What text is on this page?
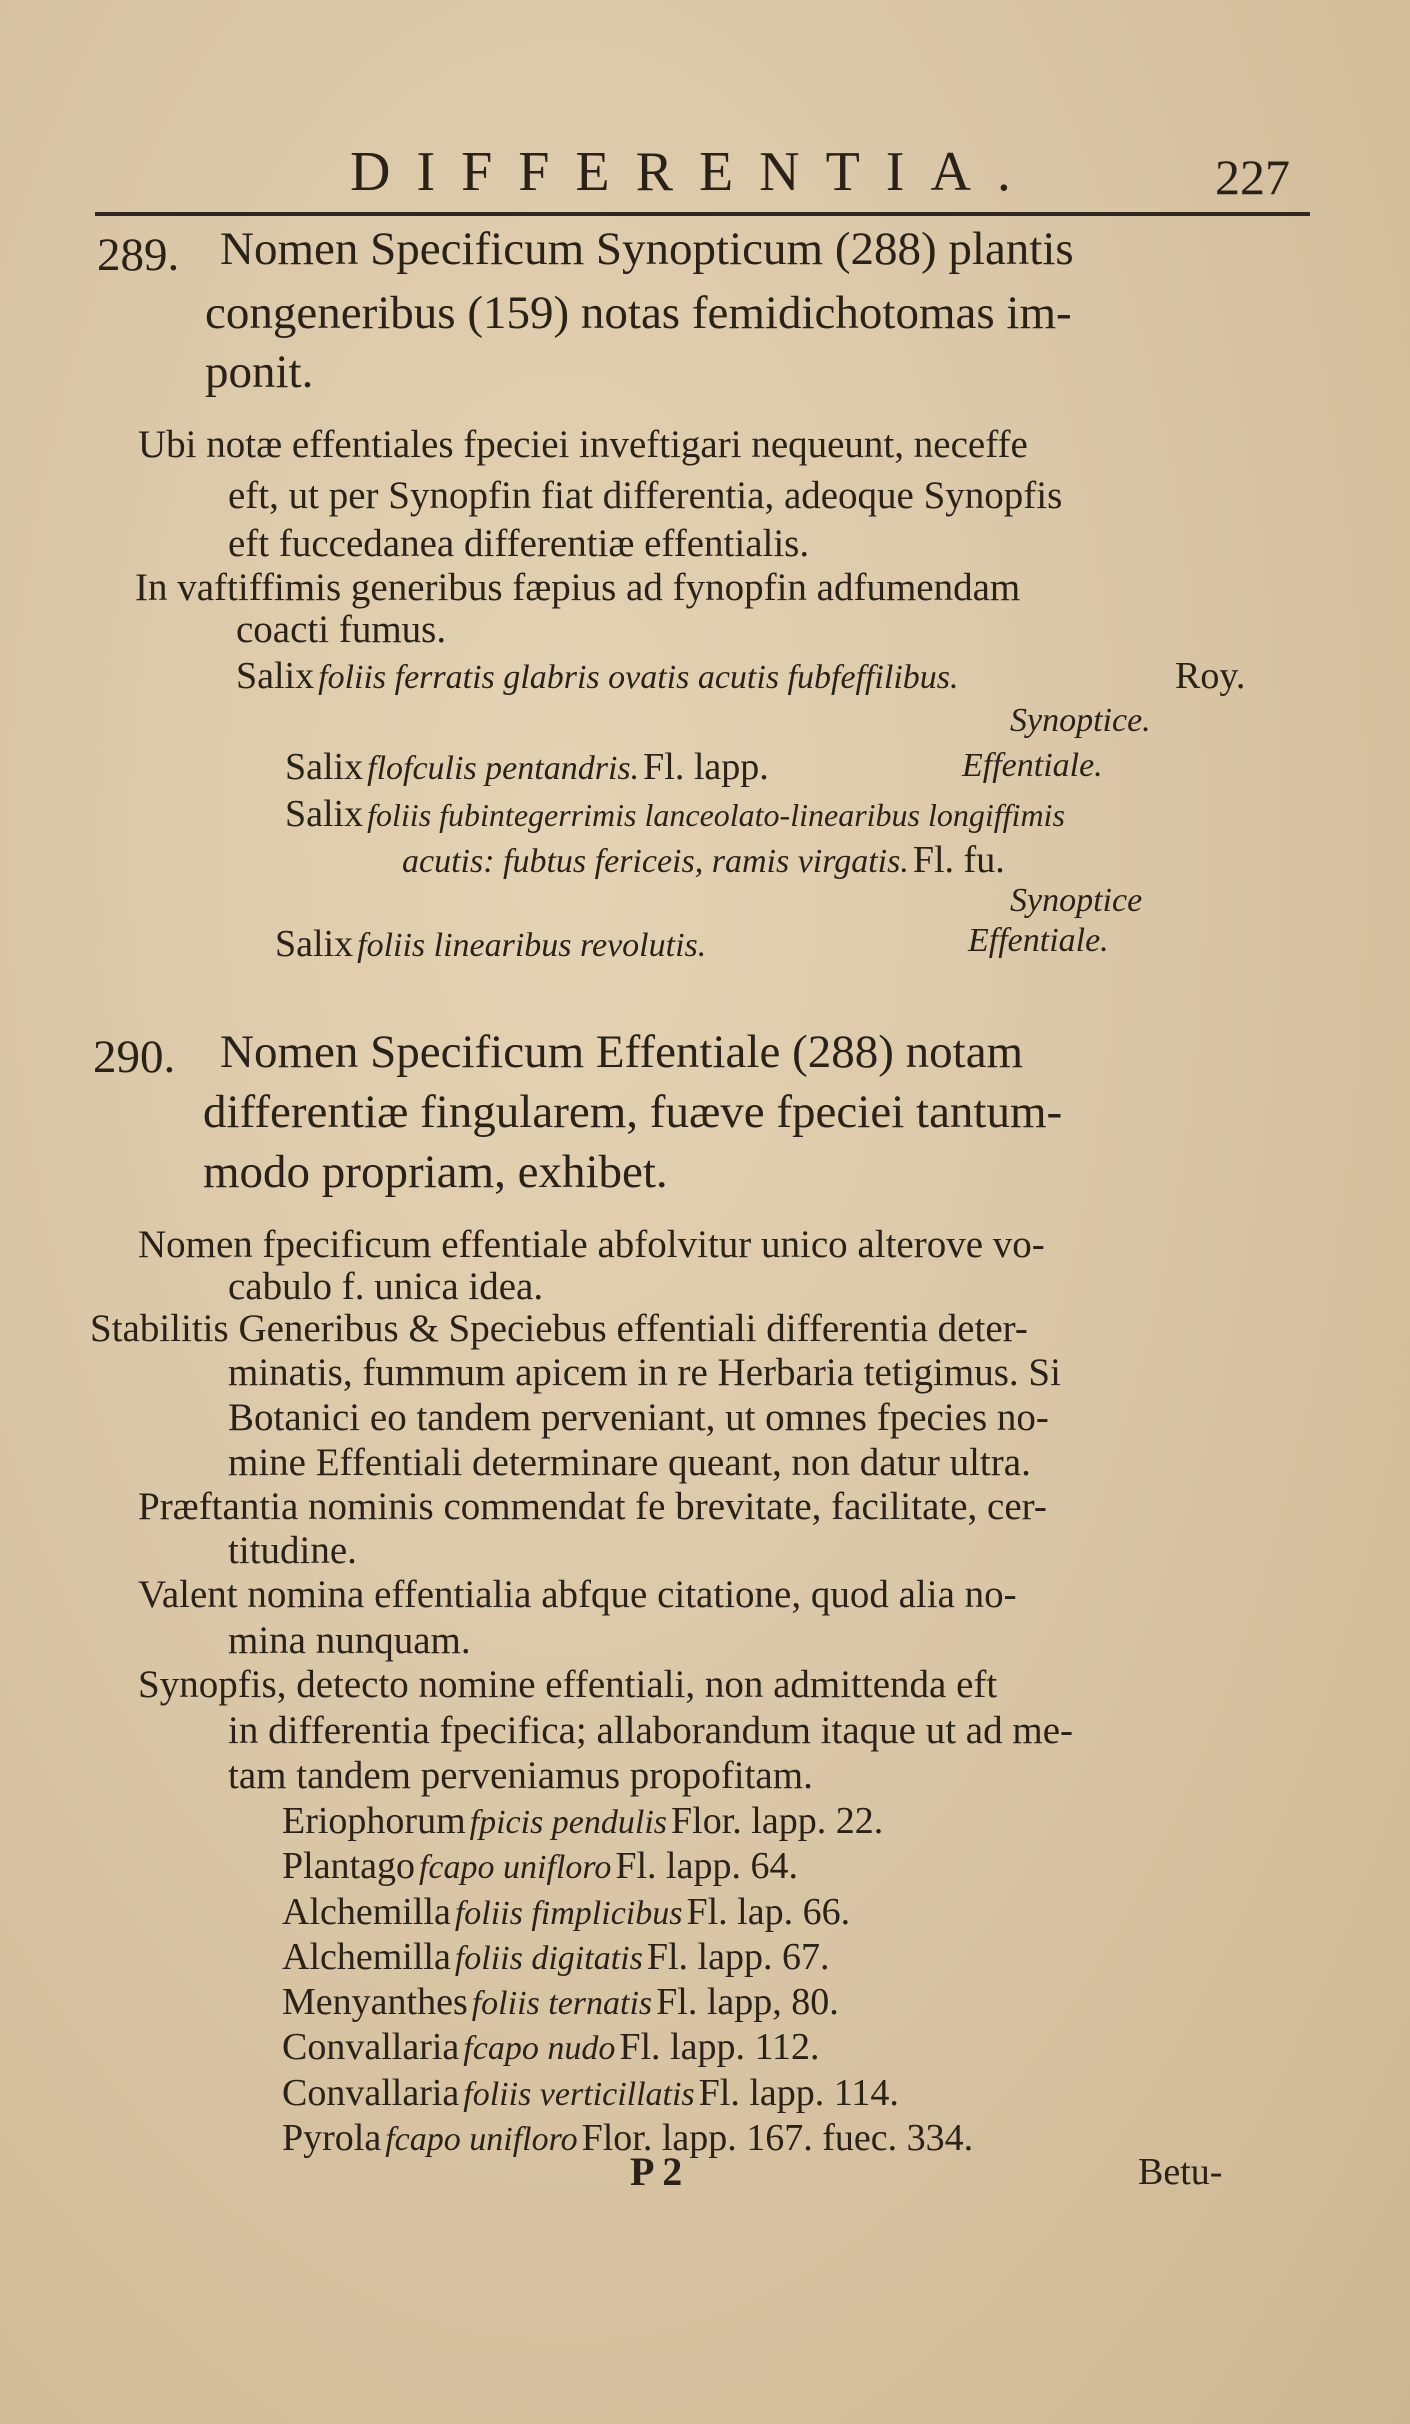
DIFFERENTIA.	227
289. Nomen Specificum Synopticum (288) plantis
congeneribus (159) notas femidichotomas im-
ponit.
Ubi notæ effentiales fpeciei inveftigari nequeunt, neceffe
eft, ut per Synopfin fiat differentia, adeoque Synopfis
eft fuccedanea differentiæ effentialis.
In vaftiffimis generibus fæpius ad fynopfin adfumendam
coacti fumus.
Salix foliis ferratis glabris ovatis acutis fubfeffilibus.	Roy.
Synoptice.
Salix flofculis pentandris. Fl. lapp.	Effentiale.
Salix foliis fubintegerrimis lanceolato-linearibus longiffimis
acutis: fubtus fericeis, ramis virgatis. Fl. fu.
Synoptice
Salix foliis linearibus revolutis.	Effentiale.
290. Nomen Specificum Effentiale (288) notam
differentiæ fingularem, fuæve fpeciei tantum-
modo propriam, exhibet.
Nomen fpecificum effentiale abfolvitur unico alterove vo-
cabulo f. unica idea.
Stabilitis Generibus & Speciebus effentiali differentia deter-
minatis, fummum apicem in re Herbaria tetigimus. Si
Botanici eo tandem perveniant, ut omnes fpecies no-
mine Effentiali determinare queant, non datur ultra.
Præftantia nominis commendat fe brevitate, facilitate, cer-
titudine.
Valent nomina effentialia abfque citatione, quod alia no-
mina nunquam.
Synopfis, detecto nomine effentiali, non admittenda eft
in differentia fpecifica; allaborandum itaque ut ad me-
tam tandem perveniamus propofitam.
Eriophorum fpicis pendulis Flor. lapp. 22.
Plantago fcapo unifloro Fl. lapp. 64.
Alchemilla foliis fimplicibus Fl. lap. 66.
Alchemilla foliis digitatis Fl. lapp. 67.
Menyanthes foliis ternatis Fl. lapp, 80.
Convallaria fcapo nudo Fl. lapp. 112.
Convallaria foliis verticillatis Fl. lapp. 114.
Pyrola fcapo unifloro Flor. lapp. 167. fuec. 334.
P 2	Betu-
